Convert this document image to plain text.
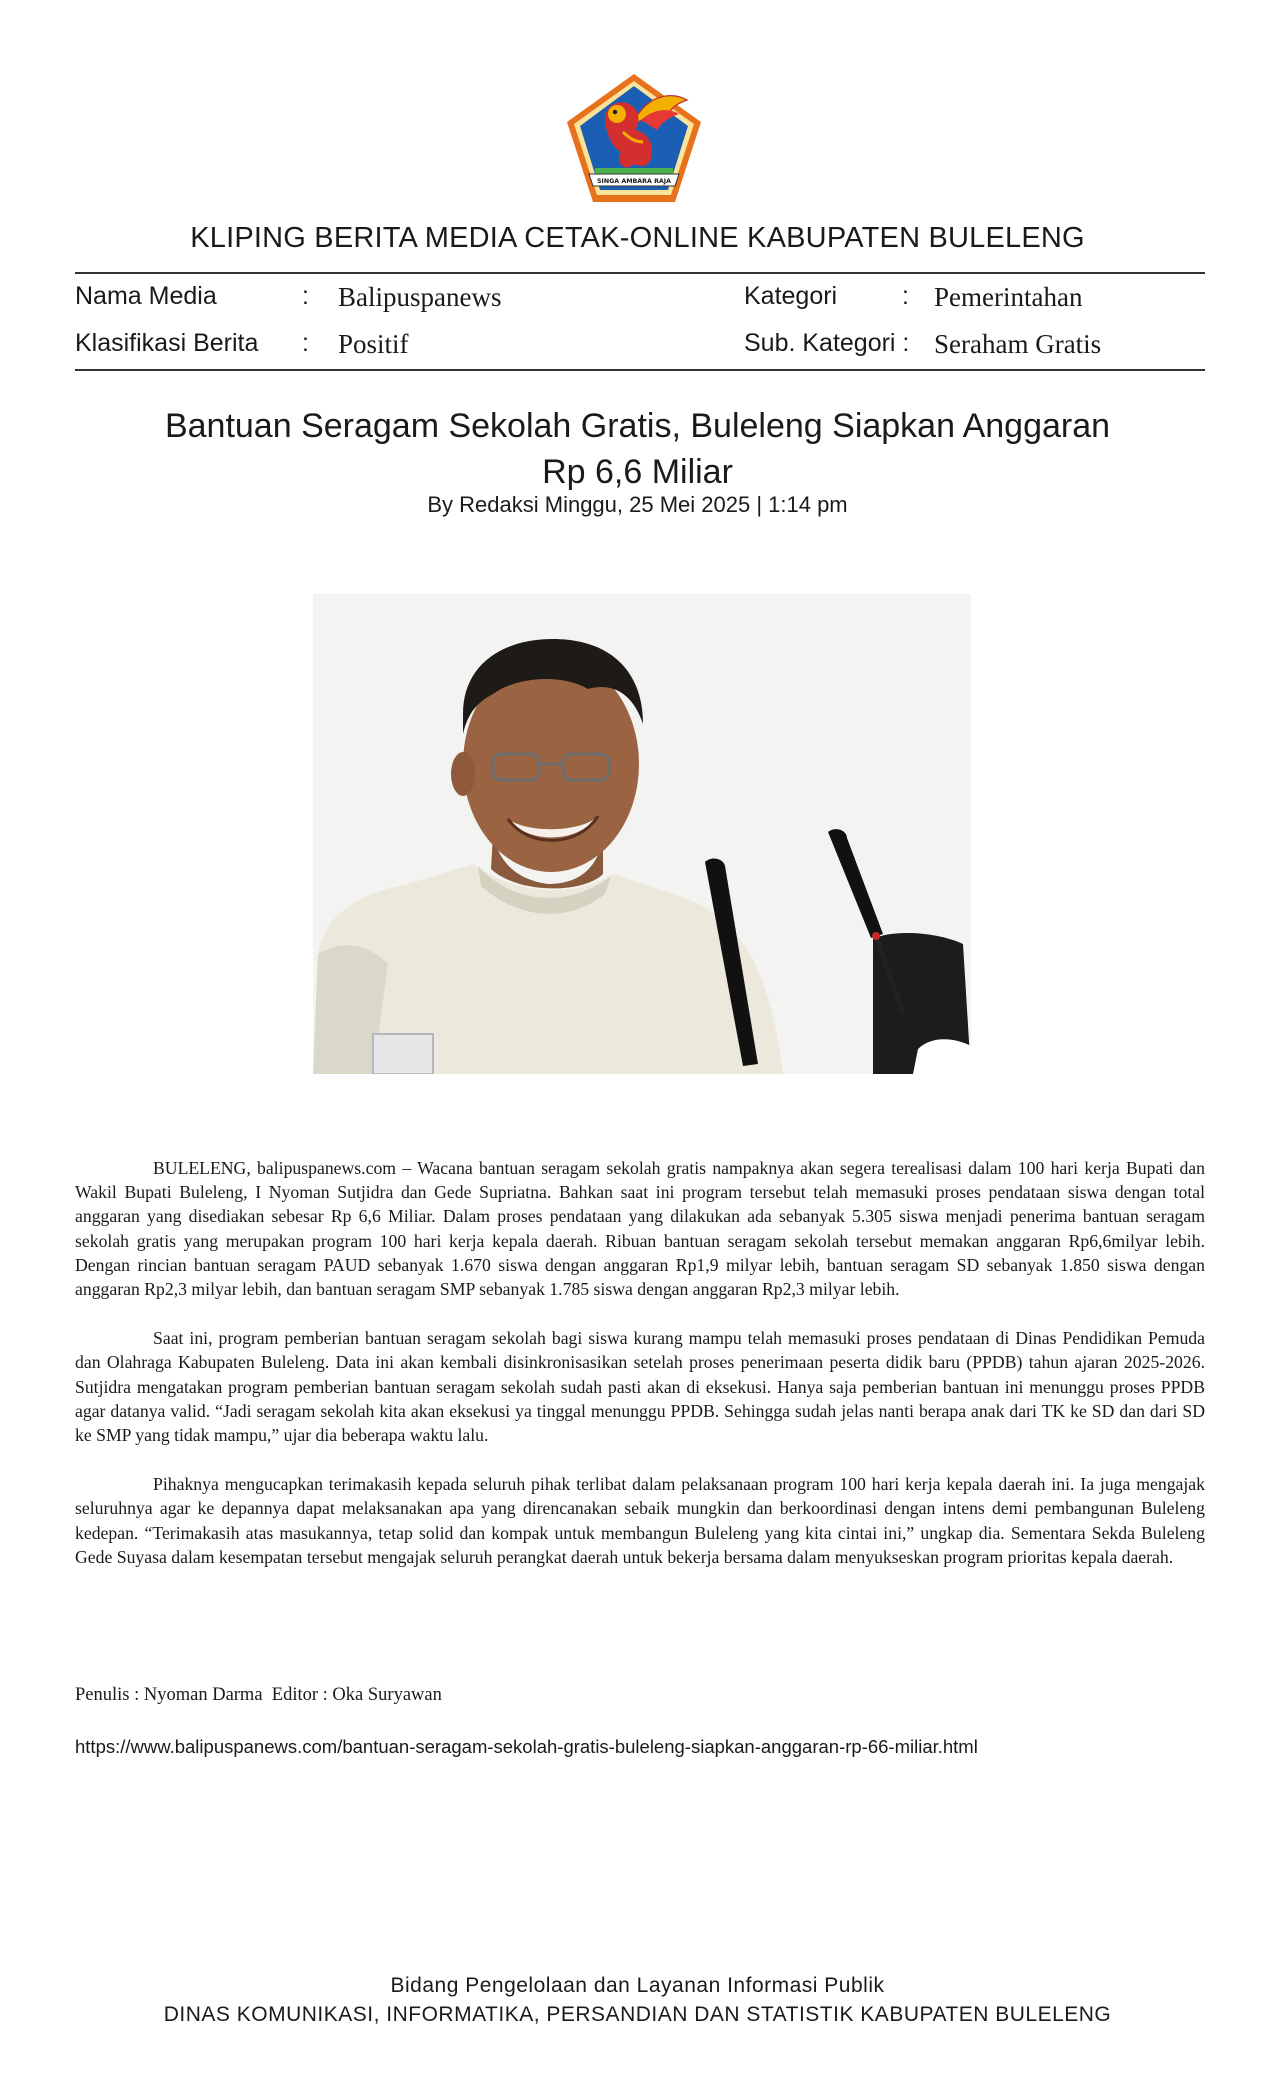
SINGA AMBARA RAJA
KLIPING BERITA MEDIA CETAK-ONLINE KABUPATEN BULELENG
Nama Media	: Balipuspanews	Kategori	: Pemerintahan
Klasifikasi Berita : Positif	Sub. Kategori : Seraham Gratis
Bantuan Seragam Sekolah Gratis, Buleleng Siapkan Anggaran
Rp 6,6 Miliar
By Redaksi Minggu, 25 Mei 2025 | 1:14 pm

BULELENG, balipuspanews.com – Wacana bantuan seragam sekolah gratis nampaknya akan segera terealisasi dalam 100 hari kerja Bupati dan Wakil Bupati Buleleng, I Nyoman Sutjidra dan Gede Supriatna. Bahkan saat ini program tersebut telah memasuki proses pendataan siswa dengan total anggaran yang disediakan sebesar Rp 6,6 Miliar. Dalam proses pendataan yang dilakukan ada sebanyak 5.305 siswa menjadi penerima bantuan seragam sekolah gratis yang merupakan program 100 hari kerja kepala daerah. Ribuan bantuan seragam sekolah tersebut memakan anggaran Rp6,6milyar lebih. Dengan rincian bantuan seragam PAUD sebanyak 1.670 siswa dengan anggaran Rp1,9 milyar lebih, bantuan seragam SD sebanyak 1.850 siswa dengan anggaran Rp2,3 milyar lebih, dan bantuan seragam SMP sebanyak 1.785 siswa dengan anggaran Rp2,3 milyar lebih.

Saat ini, program pemberian bantuan seragam sekolah bagi siswa kurang mampu telah memasuki proses pendataan di Dinas Pendidikan Pemuda dan Olahraga Kabupaten Buleleng. Data ini akan kembali disinkronisasikan setelah proses penerimaan peserta didik baru (PPDB) tahun ajaran 2025-2026. Sutjidra mengatakan program pemberian bantuan seragam sekolah sudah pasti akan di eksekusi. Hanya saja pemberian bantuan ini menunggu proses PPDB agar datanya valid. “Jadi seragam sekolah kita akan eksekusi ya tinggal menunggu PPDB. Sehingga sudah jelas nanti berapa anak dari TK ke SD dan dari SD ke SMP yang tidak mampu,” ujar dia beberapa waktu lalu.

Pihaknya mengucapkan terimakasih kepada seluruh pihak terlibat dalam pelaksanaan program 100 hari kerja kepala daerah ini. Ia juga mengajak seluruhnya agar ke depannya dapat melaksanakan apa yang direncanakan sebaik mungkin dan berkoordinasi dengan intens demi pembangunan Buleleng kedepan. “Terimakasih atas masukannya, tetap solid dan kompak untuk membangun Buleleng yang kita cintai ini,” ungkap dia. Sementara Sekda Buleleng Gede Suyasa dalam kesempatan tersebut mengajak seluruh perangkat daerah untuk bekerja bersama dalam menyukseskan program prioritas kepala daerah.

Penulis : Nyoman Darma  Editor : Oka Suryawan
https://www.balipuspanews.com/bantuan-seragam-sekolah-gratis-buleleng-siapkan-anggaran-rp-66-miliar.html
Bidang Pengelolaan dan Layanan Informasi Publik
DINAS KOMUNIKASI, INFORMATIKA, PERSANDIAN DAN STATISTIK KABUPATEN BULELENG
